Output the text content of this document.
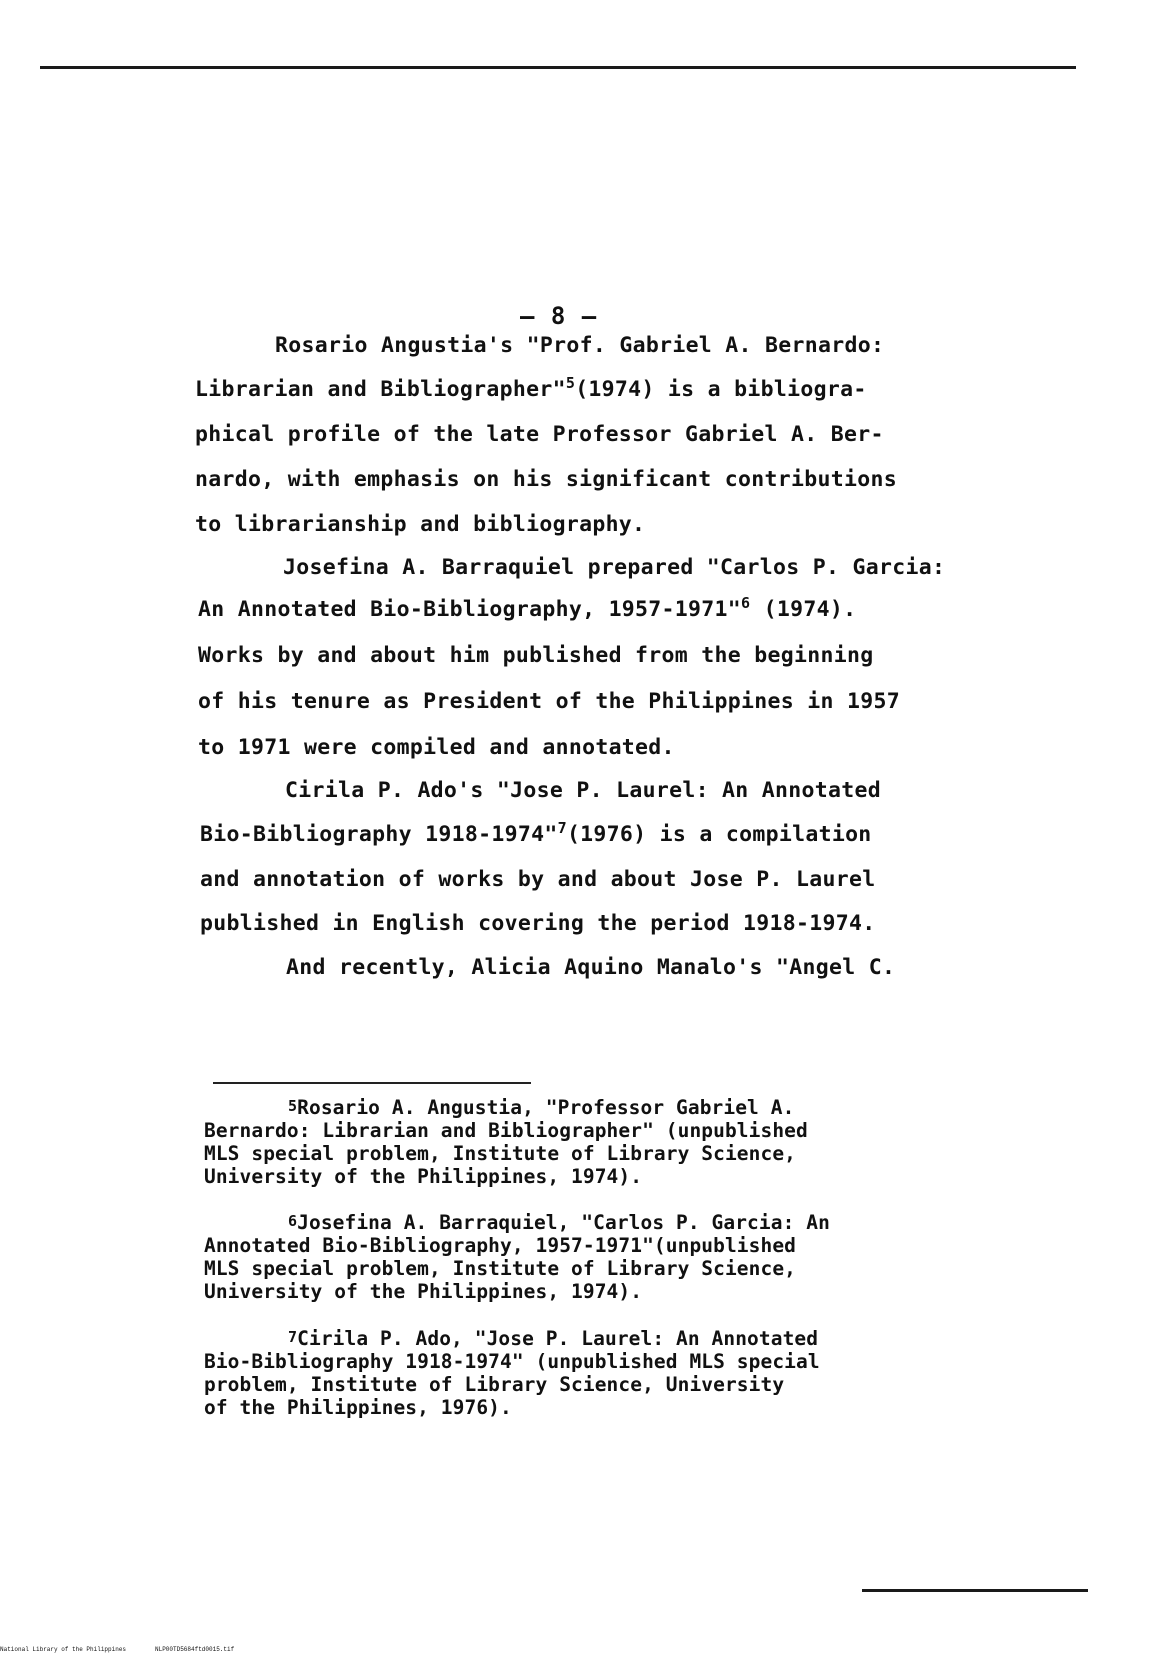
– 8 –
Rosario Angustia's "Prof. Gabriel A. Bernardo:
Librarian and Bibliographer"$^5$(1974) is a bibliogra-
phical profile of the late Professor Gabriel A. Ber-
nardo, with emphasis on his significant contributions
to librarianship and bibliography.
Josefina A. Barraquiel prepared "Carlos P. Garcia:
An Annotated Bio-Bibliography, 1957-1971"$^6$ (1974).
Works by and about him published from the beginning
of his tenure as President of the Philippines in 1957
to 1971 were compiled and annotated.
Cirila P. Ado's "Jose P. Laurel: An Annotated
Bio-Bibliography 1918-1974"$^7$(1976) is a compilation
and annotation of works by and about Jose P. Laurel
published in English covering the period 1918-1974.
And recently, Alicia Aquino Manalo's "Angel C.
$^5$Rosario A. Angustia, "Professor Gabriel A.
Bernardo: Librarian and Bibliographer" (unpublished
MLS special problem, Institute of Library Science,
University of the Philippines, 1974).
$^6$Josefina A. Barraquiel, "Carlos P. Garcia: An
Annotated Bio-Bibliography, 1957-1971"(unpublished
MLS special problem, Institute of Library Science,
University of the Philippines, 1974).
$^7$Cirila P. Ado, "Jose P. Laurel: An Annotated
Bio-Bibliography 1918-1974" (unpublished MLS special
problem, Institute of Library Science, University
of the Philippines, 1976).
National Library of the Philippines	NLP00TD5684ftd0015.tif
